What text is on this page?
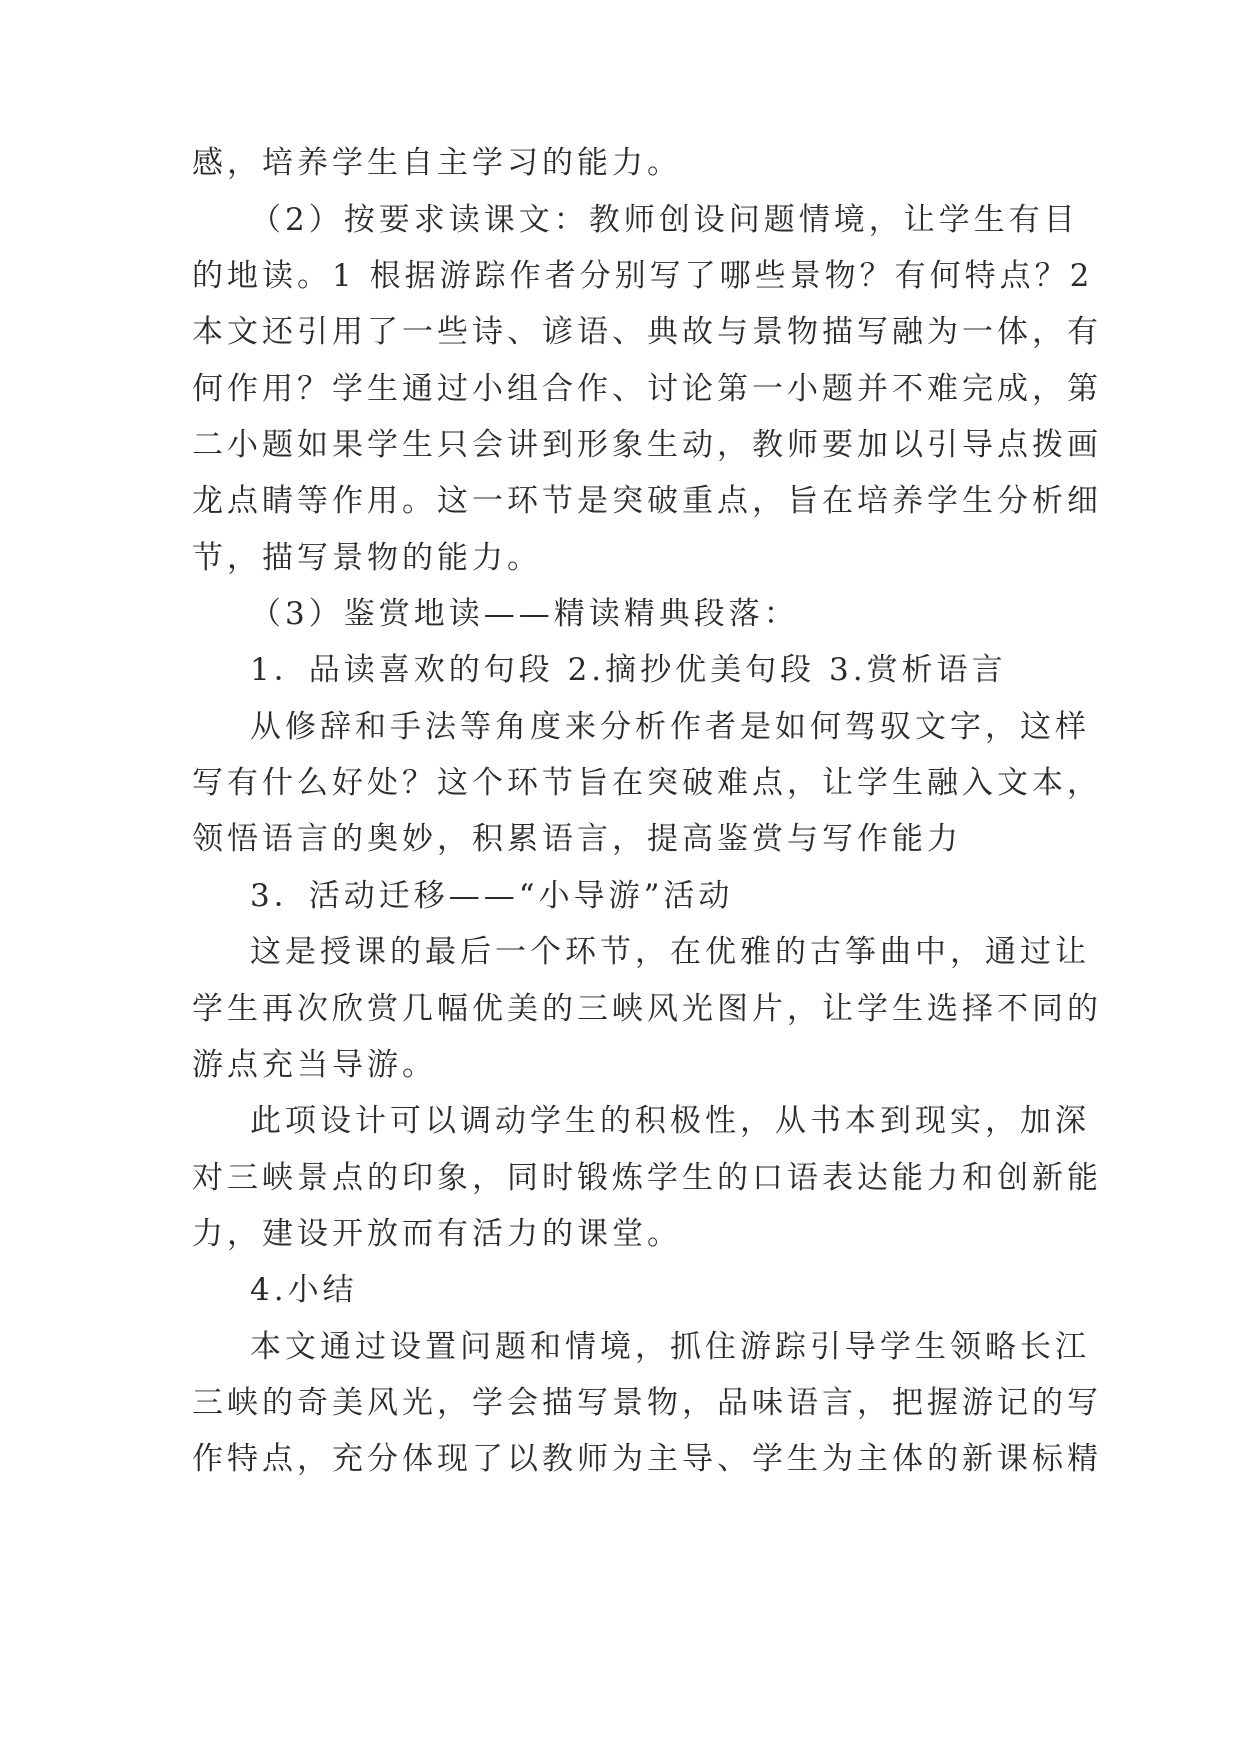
感，培养学生自主学习的能力。
（2）按要求读课文：教师创设问题情境，让学生有目
的地读。1 根据游踪作者分别写了哪些景物？有何特点？2
本文还引用了一些诗、谚语、典故与景物描写融为一体，有
何作用？学生通过小组合作、讨论第一小题并不难完成，第
二小题如果学生只会讲到形象生动，教师要加以引导点拨画
龙点睛等作用。这一环节是突破重点，旨在培养学生分析细
节，描写景物的能力。
（3）鉴赏地读——精读精典段落：
1．品读喜欢的句段 2.摘抄优美句段 3.赏析语言
从修辞和手法等角度来分析作者是如何驾驭文字，这样
写有什么好处？这个环节旨在突破难点，让学生融入文本，
领悟语言的奥妙，积累语言，提高鉴赏与写作能力
3．活动迁移——“小导游”活动
这是授课的最后一个环节，在优雅的古筝曲中，通过让
学生再次欣赏几幅优美的三峡风光图片，让学生选择不同的
游点充当导游。
此项设计可以调动学生的积极性，从书本到现实，加深
对三峡景点的印象，同时锻炼学生的口语表达能力和创新能
力，建设开放而有活力的课堂。
4.小结
本文通过设置问题和情境，抓住游踪引导学生领略长江
三峡的奇美风光，学会描写景物，品味语言，把握游记的写
作特点，充分体现了以教师为主导、学生为主体的新课标精
